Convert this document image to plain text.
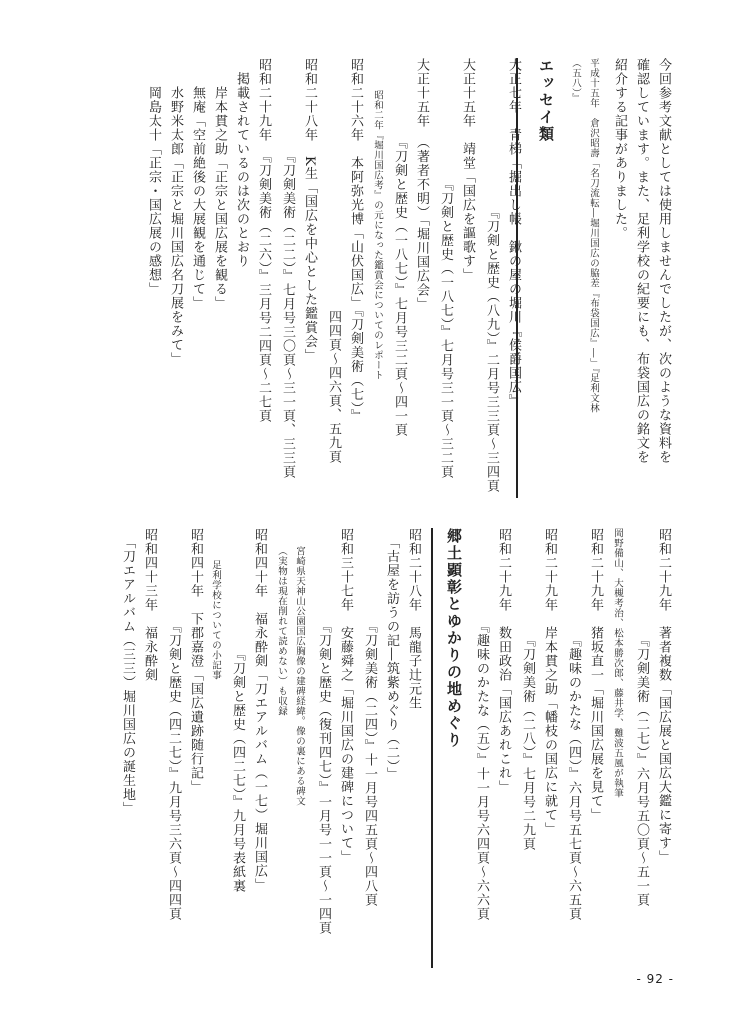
今回参考文献としては使用しませんでしたが、次のような資料を
確認しています。また、足利学校の紀要にも、布袋国広の銘文を
紹介する記事がありました。
平成十五年　倉沢昭壽「名刀流転―堀川国広の脇差『布袋国広』―」『足利文林
（五八）』
エッセイ類
大正七年　青梯「掘出し帳　鍬の屋の堀川『侯爵国広』
　　　　　　　　　　　『刀剣と歴史（八九）』二月号三三頁～三四頁
大正十五年　靖堂「国広を謳歌す」
　　　　　　　　　『刀剣と歴史（一八七）』七月号三一頁～三二頁
大正十五年　（著者不明）「堀川国広会」
　　　　　　『刀剣と歴史（一八七）』七月号三二頁～四一頁
昭和二年『堀川国広考』の元になった鑑賞会についてのレポート
昭和二十六年　本阿弥光博「山伏国広」『刀剣美術（七）』
　　　　　　　　　　　　　　　　　　四四頁～四六頁、五九頁
昭和二十八年　K生「国広を中心とした鑑賞会」
　　　　　　　『刀剣美術（二二）』七月号三〇頁～三一頁、三三頁
昭和二十九年　『刀剣美術（二六）』三月号二四頁～二七頁
　掲載されているのは次のとおり
　　岸本貫之助「正宗と国広展を観る」
　　無庵「空前絶後の大展観を通じて」
　　水野米太郎「正宗と堀川国広名刀展をみて」
　　岡島太十「正宗・国広展の感想」
昭和二十九年　著者複数「国広展と国広大鑑に寄す」
　　　　　　　　『刀剣美術（二七）』六月号五〇頁～五一頁
岡野備山、大槻考治、松本勝次郎、藤井学、難波五風が執筆
昭和二十九年　猪坂直一「堀川国広展を見て」
　　　　　　　　『趣味のかたな（四）』六月号五七頁～六五頁
昭和二十九年　岸本貫之助「幡枝の国広に就て」
　　　　　　　　『刀剣美術（二八）』七月号二九頁
昭和二十九年　数田政治「国広あれこれ」
　　　　　　　『趣味のかたな（五）』十一月号六四頁～六六頁
郷土顕彰とゆかりの地めぐり
昭和二十八年　馬龍子辻元生
　「古屋を訪うの記―筑紫めぐり（二）」
　　　　　　　『刀剣美術（二四）』十一月号四五頁～四八頁
昭和三十七年　安藤舜之「堀川国広の建碑について」
　　　　　　　『刀剣と歴史（復刊四七）』一月号一一頁～一四頁
宮崎県天神山公園国広胸像の建碑経緯。像の裏にある碑文
（実物は現在削れて読めない）も収録
昭和四十年　福永酔剣「刀エアルバム（一七）堀川国広」
　　　　　　　　　『刀剣と歴史（四二七）』九月号表紙裏
足利学校についての小記事
昭和四十年　下郡嘉澄「国広遺跡随行記」
　　　　　　　『刀剣と歴史（四二七）』九月号三六頁～四四頁
昭和四十三年　福永酔剣
　「刀エアルバム（三三）堀川国広の誕生地」
- 92 -
